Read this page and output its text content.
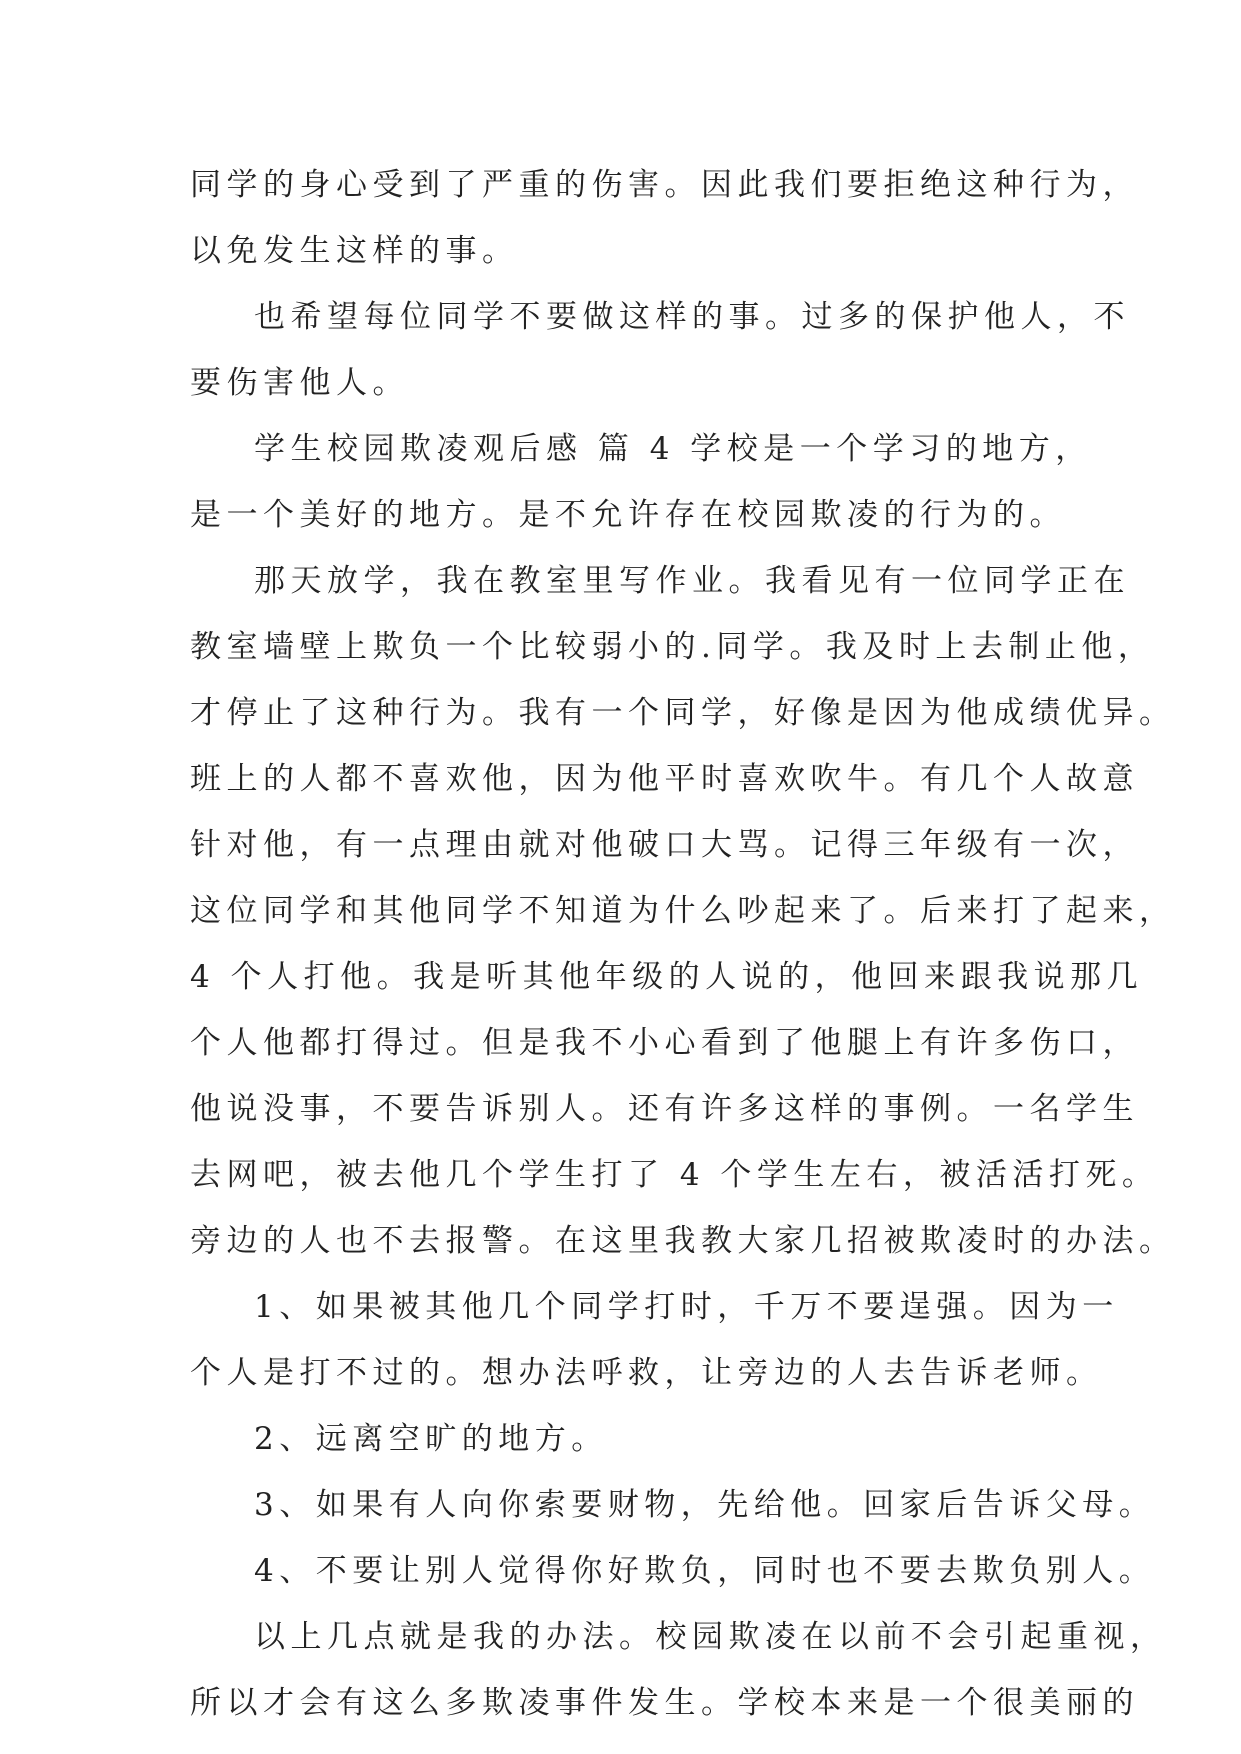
同学的身心受到了严重的伤害。因此我们要拒绝这种行为，
以免发生这样的事。
也希望每位同学不要做这样的事。过多的保护他人，不
要伤害他人。
学生校园欺凌观后感 篇 4 学校是一个学习的地方，
是一个美好的地方。是不允许存在校园欺凌的行为的。
那天放学，我在教室里写作业。我看见有一位同学正在
教室墙壁上欺负一个比较弱小的.同学。我及时上去制止他，
才停止了这种行为。我有一个同学，好像是因为他成绩优异。
班上的人都不喜欢他，因为他平时喜欢吹牛。有几个人故意
针对他，有一点理由就对他破口大骂。记得三年级有一次，
这位同学和其他同学不知道为什么吵起来了。后来打了起来，
4 个人打他。我是听其他年级的人说的，他回来跟我说那几
个人他都打得过。但是我不小心看到了他腿上有许多伤口，
他说没事，不要告诉别人。还有许多这样的事例。一名学生
去网吧，被去他几个学生打了 4 个学生左右，被活活打死。
旁边的人也不去报警。在这里我教大家几招被欺凌时的办法。
1、如果被其他几个同学打时，千万不要逞强。因为一
个人是打不过的。想办法呼救，让旁边的人去告诉老师。
2、远离空旷的地方。
3、如果有人向你索要财物，先给他。回家后告诉父母。
4、不要让别人觉得你好欺负，同时也不要去欺负别人。
以上几点就是我的办法。校园欺凌在以前不会引起重视，
所以才会有这么多欺凌事件发生。学校本来是一个很美丽的
